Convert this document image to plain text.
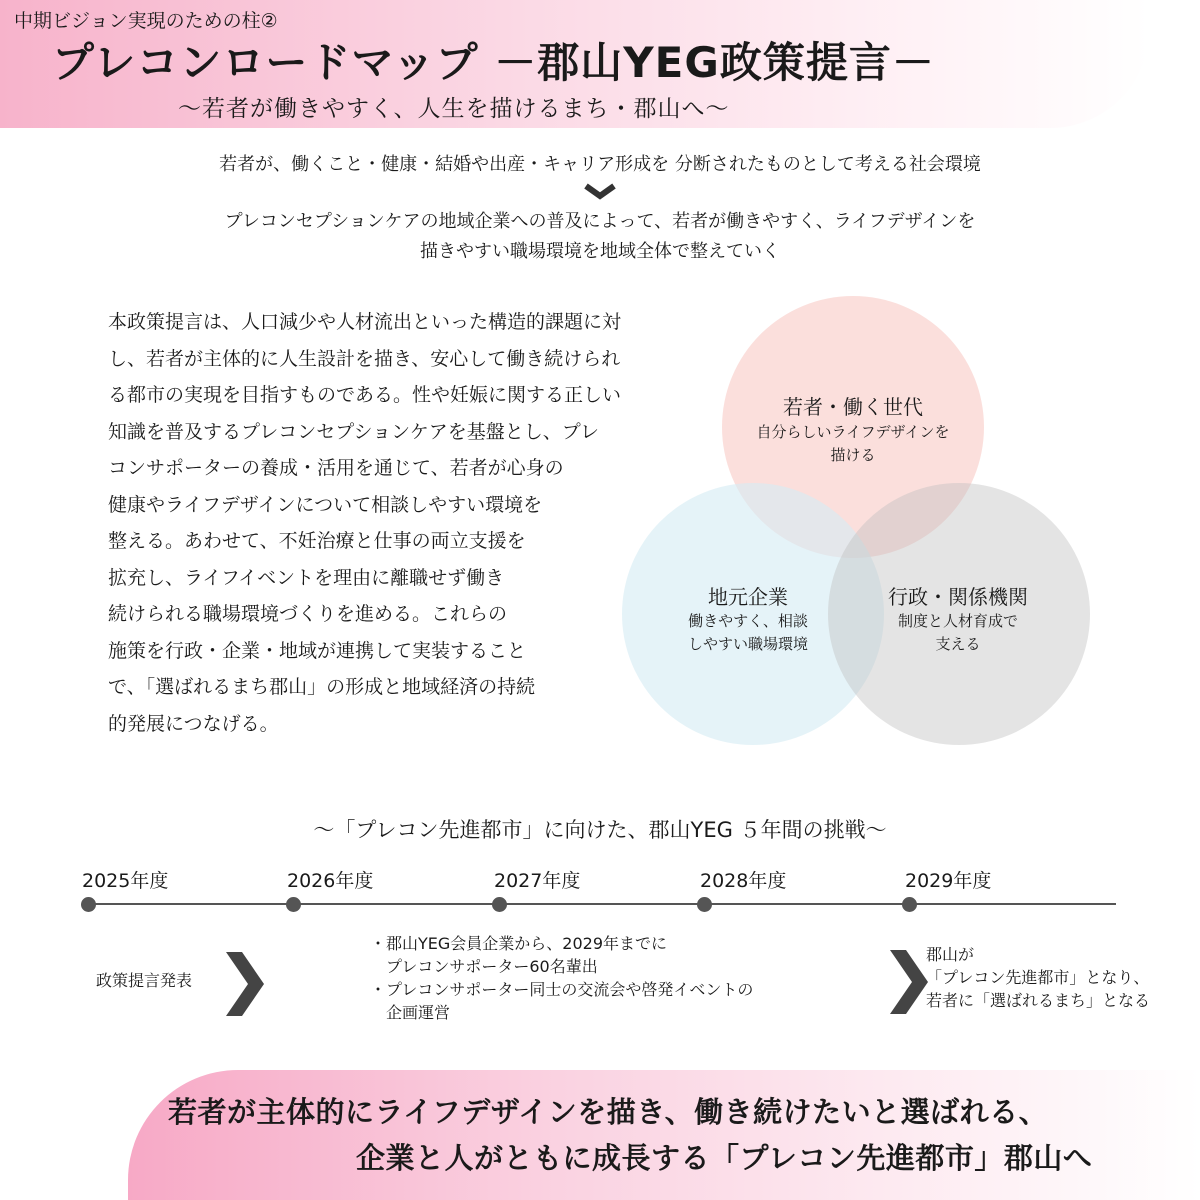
中期ビジョン実現のための柱②
プレコンロードマップ －郡山YEG政策提言－
～若者が働きやすく、人生を描けるまち・郡山へ～
若者が、働くこと・健康・結婚や出産・キャリア形成を 分断されたものとして考える社会環境
プレコンセプションケアの地域企業への普及によって、若者が働きやすく、ライフデザインを
描きやすい職場環境を地域全体で整えていく
本政策提言は、人口減少や人材流出といった構造的課題に対
し、若者が主体的に人生設計を描き、安心して働き続けられ
る都市の実現を目指すものである。性や妊娠に関する正しい
知識を普及するプレコンセプションケアを基盤とし、プレ
コンサポーターの養成・活用を通じて、若者が心身の
健康やライフデザインについて相談しやすい環境を
整える。あわせて、不妊治療と仕事の両立支援を
拡充し、ライフイベントを理由に離職せず働き
続けられる職場環境づくりを進める。これらの
施策を行政・企業・地域が連携して実装すること
で、「選ばれるまち郡山」の形成と地域経済の持続
的発展につなげる。
若者・働く世代
自分らしいライフデザインを
描ける
地元企業
働きやすく、相談
しやすい職場環境
行政・関係機関
制度と人材育成で
支える
～「プレコン先進都市」に向けた、郡山YEG ５年間の挑戦～
2025年度	2026年度	2027年度	2028年度	2029年度
政策提言発表
・郡山YEG会員企業から、2029年までに
　プレコンサポーター60名輩出
・プレコンサポーター同士の交流会や啓発イベントの
　企画運営
郡山が
「プレコン先進都市」となり、
若者に「選ばれるまち」となる
若者が主体的にライフデザインを描き、働き続けたいと選ばれる、
企業と人がともに成長する「プレコン先進都市」郡山へ
